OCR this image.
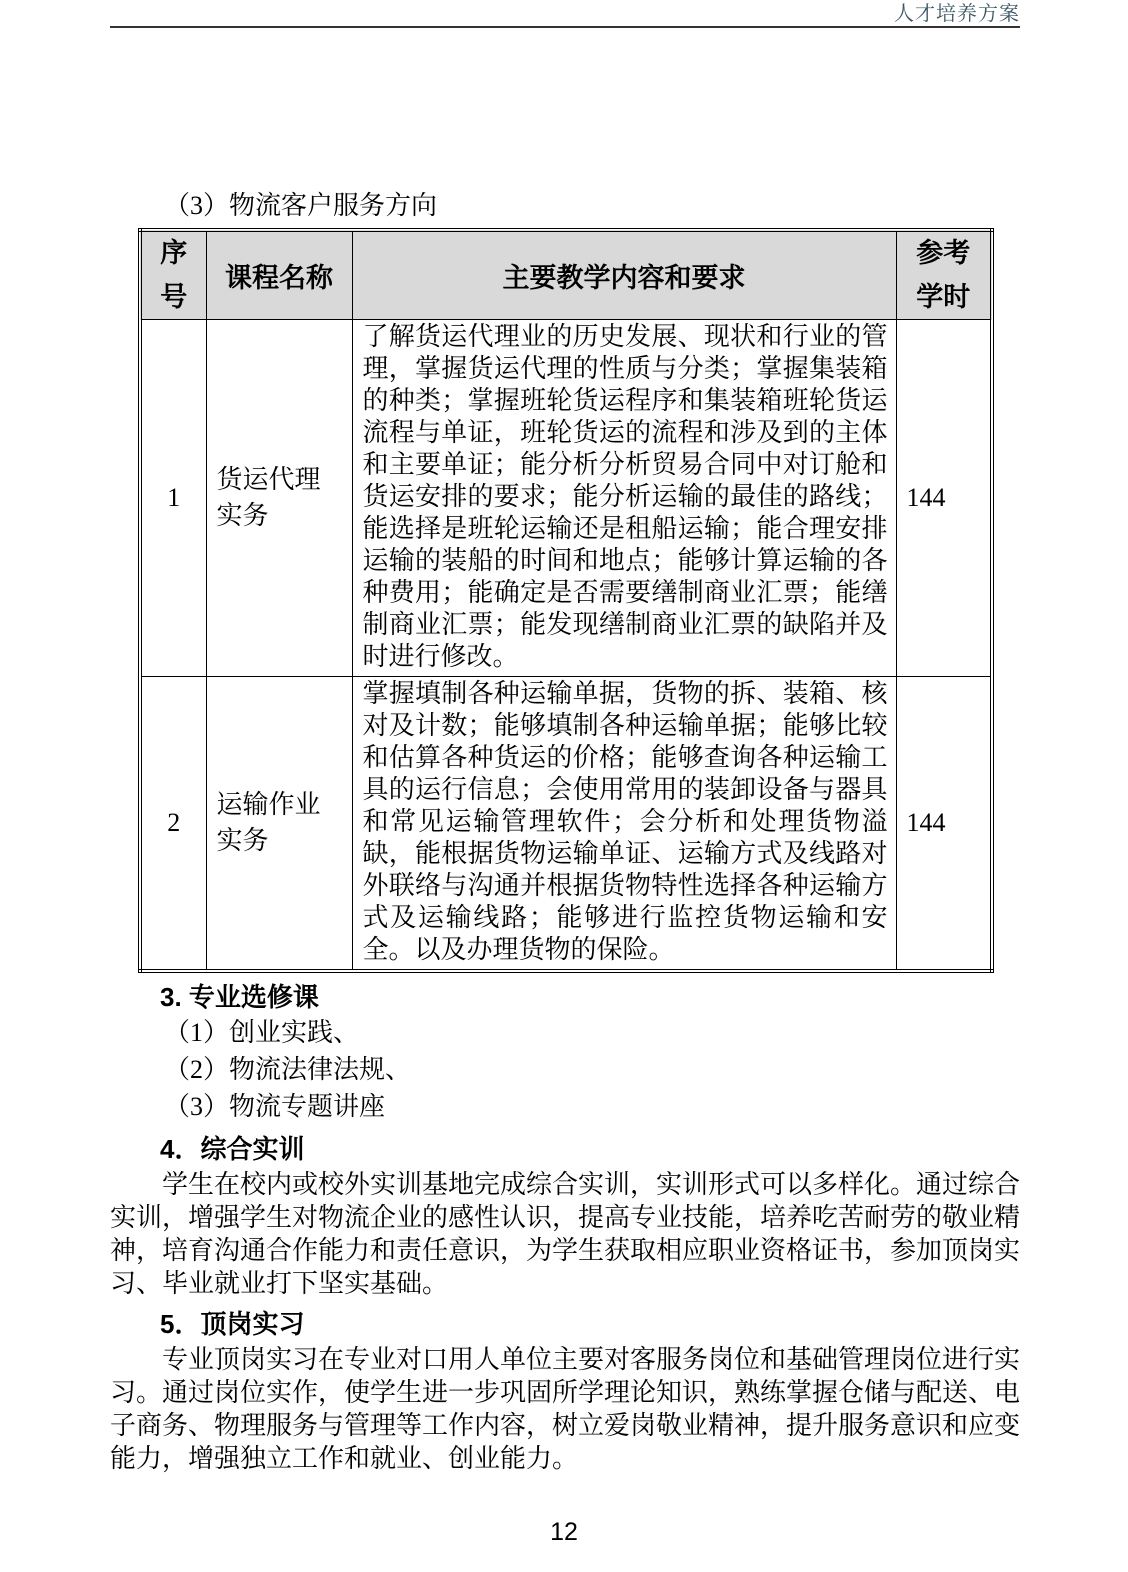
人才培养方案

（3）物流客户服务方向

序号	课程名称	主要教学内容和要求	参考学时
1	货运代理实务	了解货运代理业的历史发展、现状和行业的管理，掌握货运代理的性质与分类；掌握集装箱的种类；掌握班轮货运程序和集装箱班轮货运流程与单证，班轮货运的流程和涉及到的主体和主要单证；能分析分析贸易合同中对订舱和货运安排的要求；能分析运输的最佳的路线；能选择是班轮运输还是租船运输；能合理安排运输的装船的时间和地点；能够计算运输的各种费用；能确定是否需要缮制商业汇票；能缮制商业汇票；能发现缮制商业汇票的缺陷并及时进行修改。	144
2	运输作业实务	掌握填制各种运输单据，货物的拆、装箱、核对及计数；能够填制各种运输单据；能够比较和估算各种货运的价格；能够查询各种运输工具的运行信息；会使用常用的装卸设备与器具和常见运输管理软件；会分析和处理货物溢缺，能根据货物运输单证、运输方式及线路对外联络与沟通并根据货物特性选择各种运输方式及运输线路；能够进行监控货物运输和安全。以及办理货物的保险。	144

3. 专业选修课

（1）创业实践、

（2）物流法律法规、

（3）物流专题讲座

4．综合实训

学生在校内或校外实训基地完成综合实训，实训形式可以多样化。通过综合实训，增强学生对物流企业的感性认识，提高专业技能，培养吃苦耐劳的敬业精神，培育沟通合作能力和责任意识，为学生获取相应职业资格证书，参加顶岗实习、毕业就业打下坚实基础。

5．顶岗实习

专业顶岗实习在专业对口用人单位主要对客服务岗位和基础管理岗位进行实习。通过岗位实作，使学生进一步巩固所学理论知识，熟练掌握仓储与配送、电子商务、物理服务与管理等工作内容，树立爱岗敬业精神，提升服务意识和应变能力，增强独立工作和就业、创业能力。

12
